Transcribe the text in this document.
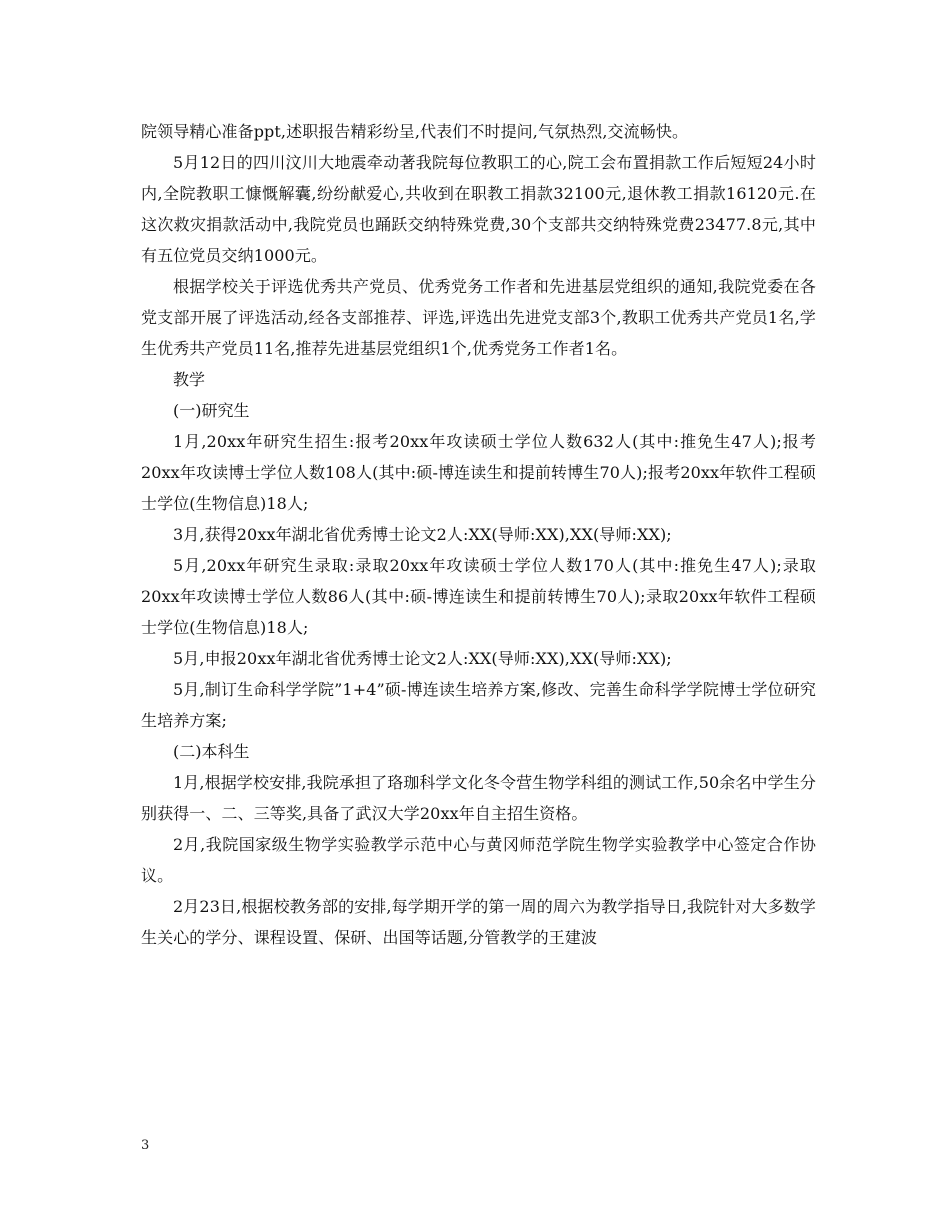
院领导精心准备ppt,述职报告精彩纷呈,代表们不时提问,气氛热烈,交流畅快。

5月12日的四川汶川大地震牵动著我院每位教职工的心,院工会布置捐款工作后短短24小时内,全院教职工慷慨解囊,纷纷献爱心,共收到在职教工捐款32100元,退休教工捐款16120元.在这次救灾捐款活动中,我院党员也踊跃交纳特殊党费,30个支部共交纳特殊党费23477.8元,其中有五位党员交纳1000元。

根据学校关于评选优秀共产党员、优秀党务工作者和先进基层党组织的通知,我院党委在各党支部开展了评选活动,经各支部推荐、评选,评选出先进党支部3个,教职工优秀共产党员1名,学生优秀共产党员11名,推荐先进基层党组织1个,优秀党务工作者1名。

教学

(一)研究生

1月,20xx年研究生招生:报考20xx年攻读硕士学位人数632人(其中:推免生47人);报考20xx年攻读博士学位人数108人(其中:硕-博连读生和提前转博生70人);报考20xx年软件工程硕士学位(生物信息)18人;

3月,获得20xx年湖北省优秀博士论文2人:XX(导师:XX),XX(导师:XX);

5月,20xx年研究生录取:录取20xx年攻读硕士学位人数170人(其中:推免生47人);录取20xx年攻读博士学位人数86人(其中:硕-博连读生和提前转博生70人);录取20xx年软件工程硕士学位(生物信息)18人;

5月,申报20xx年湖北省优秀博士论文2人:XX(导师:XX),XX(导师:XX);

5月,制订生命科学学院”1+4”硕-博连读生培养方案,修改、完善生命科学学院博士学位研究生培养方案;

(二)本科生

1月,根据学校安排,我院承担了珞珈科学文化冬令营生物学科组的测试工作,50余名中学生分别获得一、二、三等奖,具备了武汉大学20xx年自主招生资格。

2月,我院国家级生物学实验教学示范中心与黄冈师范学院生物学实验教学中心签定合作协议。

2月23日,根据校教务部的安排,每学期开学的第一周的周六为教学指导日,我院针对大多数学生关心的学分、课程设置、保研、出国等话题,分管教学的王建波

3
